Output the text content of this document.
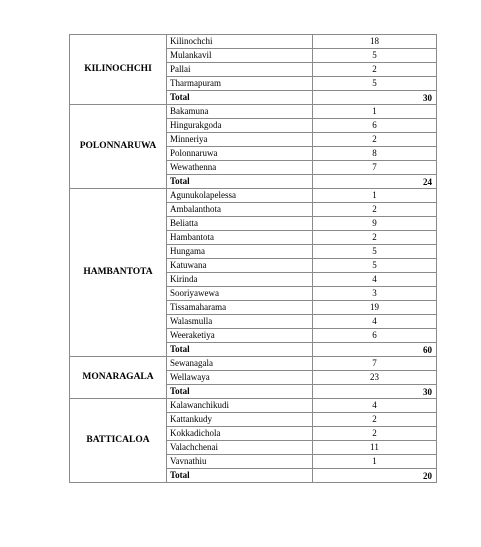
KILINOCHCHI	Kilinochchi	18
	Mulankavil	5
	Pallai	2
	Tharmapuram	5
	Total	30
POLONNARUWA	Bakamuna	1
	Hingurakgoda	6
	Minneriya	2
	Polonnaruwa	8
	Wewathenna	7
	Total	24
HAMBANTOTA	Agunukolapelessa	1
	Ambalanthota	2
	Beliatta	9
	Hambantota	2
	Hungama	5
	Katuwana	5
	Kirinda	4
	Sooriyawewa	3
	Tissamaharama	19
	Walasmulla	4
	Weeraketiya	6
	Total	60
MONARAGALA	Sewanagala	7
	Wellawaya	23
	Total	30
BATTICALOA	Kalawanchikudi	4
	Kattankudy	2
	Kokkadichola	2
	Valachchenai	11
	Vavnathiu	1
	Total	20
